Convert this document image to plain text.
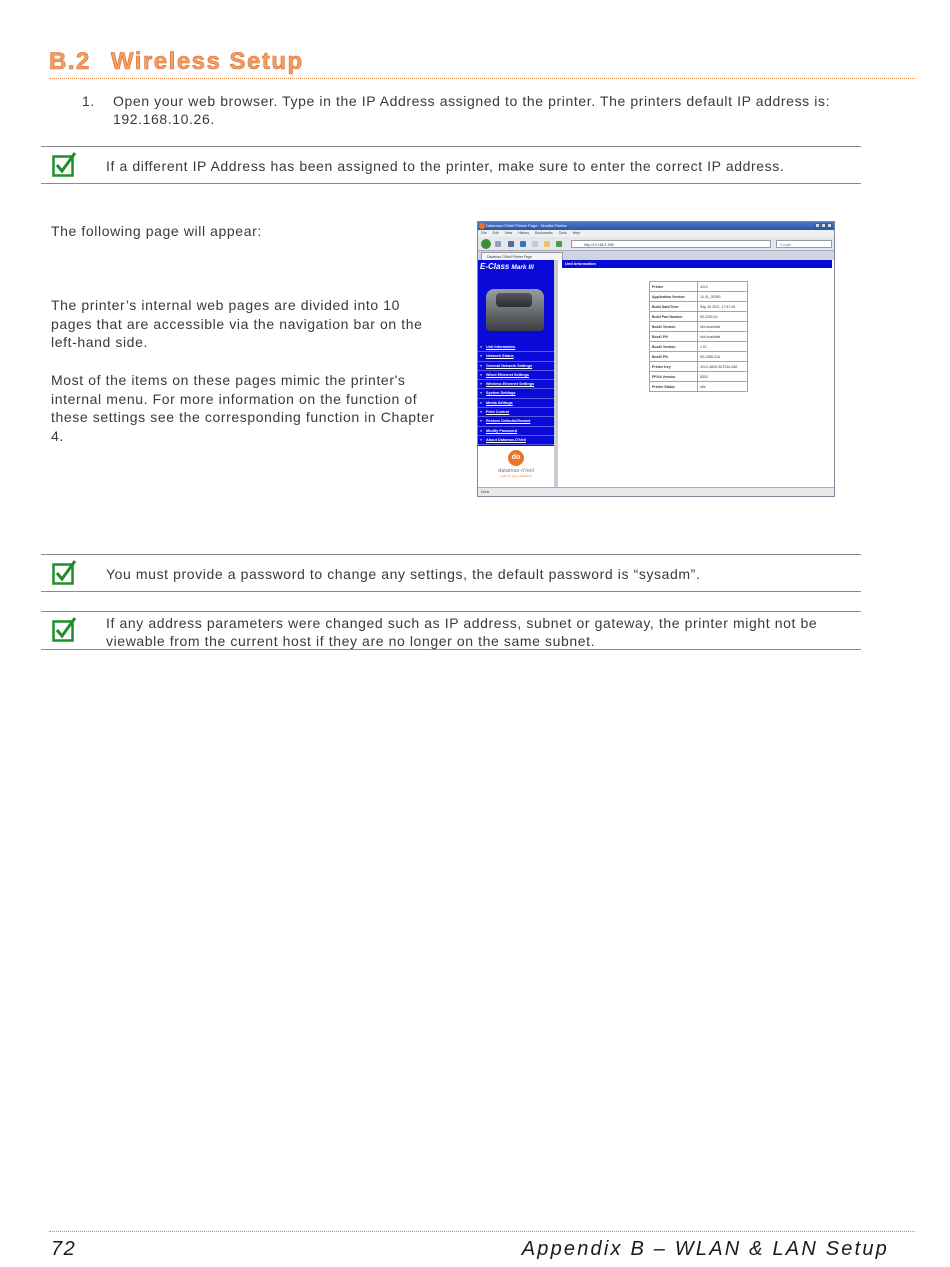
B.2 Wireless Setup
1.	Open your web browser. Type in the IP Address assigned to the printer. The printers default IP address is: 192.168.10.26.
If a different IP Address has been assigned to the printer, make sure to enter the correct IP address.
The following page will appear:
The printer’s internal web pages are divided into 10 pages that are accessible via the navigation bar on the left-hand side.
Most of the items on these pages mimic the printer's internal menu. For more information on the function of these settings see the corresponding function in Chapter 4.
Datamax-O'Neil Printer Page - Mozilla Firefox
File Edit View History Bookmarks Tools Help
http://10.168.3.198/	Google
Datamax-O'Neil Printer Page
E-Class Mark III
» Unit Information
» Network Status
» General Network Settings
» Wired Ethernet Settings
» Wireless Ethernet Settings
» System Settings
» Media Settings
» Print Control
» Restore Defaults/Restart
» Modify Password
» About Datamax-O'Neil
do
datamax-o'neil
right for your enterprise
Unit Information
Printer	4212
Application Version	10.01_02090
Build Date/Time	Sep 30 2011, 17:47:49
Build Part Number	83-2250-01
Boot1 Version	Not Available
Boot1 PN	Not Available
Boot2 Version	1.01
Boot2 PN	83-1368-01A
Printer Key	4212-VA09-36723A-682
FPGA Version	8503
Printer Status	Idle
Done
You must provide a password to change any settings, the default password is “sysadm”.
If any address parameters were changed such as IP address, subnet or gateway, the printer might not be viewable from the current host if they are no longer on the same subnet.
72	Appendix B – WLAN & LAN Setup
